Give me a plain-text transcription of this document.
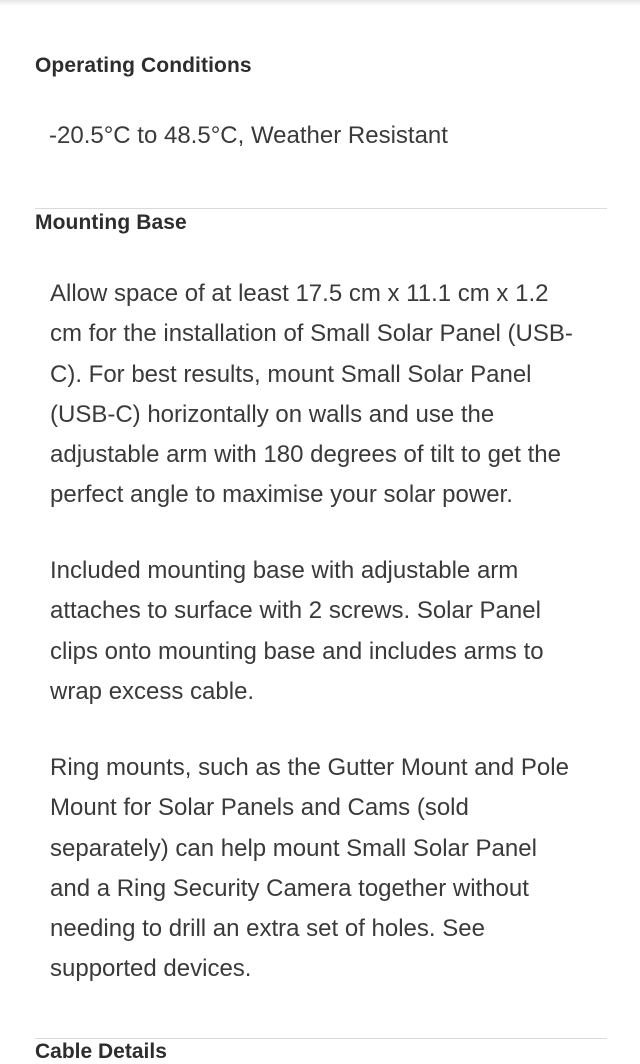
Operating Conditions
-20.5°C to 48.5°C, Weather Resistant
Mounting Base

Allow space of at least 17.5 cm x 11.1 cm x 1.2
cm for the installation of Small Solar Panel (USB-
C). For best results, mount Small Solar Panel
(USB-C) horizontally on walls and use the
adjustable arm with 180 degrees of tilt to get the
perfect angle to maximise your solar power.

Included mounting base with adjustable arm
attaches to surface with 2 screws. Solar Panel
clips onto mounting base and includes arms to
wrap excess cable.

Ring mounts, such as the Gutter Mount and Pole
Mount for Solar Panels and Cams (sold
separately) can help mount Small Solar Panel
and a Ring Security Camera together without
needing to drill an extra set of holes. See
supported devices.

Cable Details
